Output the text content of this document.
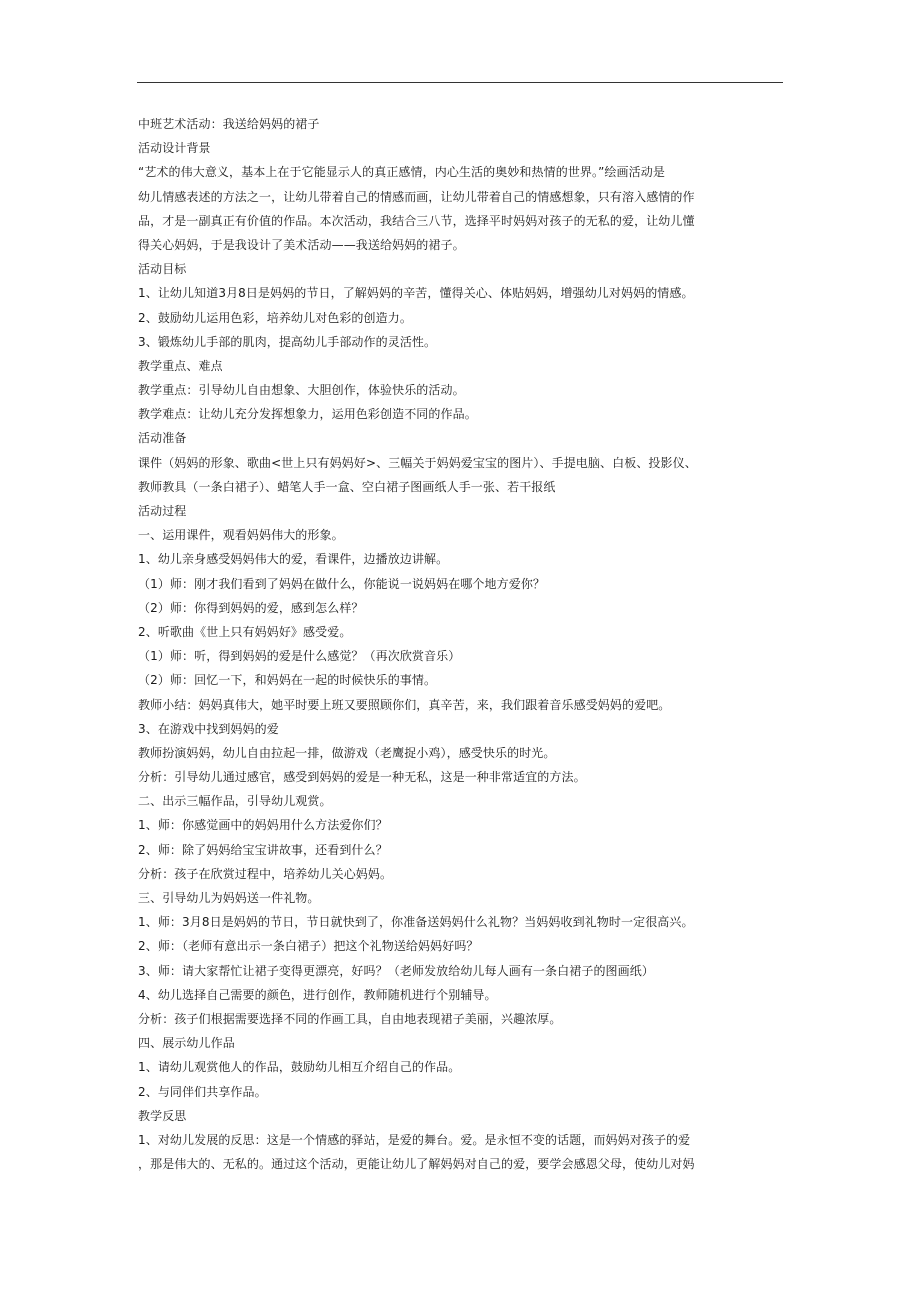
中班艺术活动：我送给妈妈的裙子
活动设计背景
“艺术的伟大意义，基本上在于它能显示人的真正感情，内心生活的奥妙和热情的世界。”绘画活动是
幼儿情感表述的方法之一，让幼儿带着自己的情感而画，让幼儿带着自己的情感想象，只有溶入感情的作
品，才是一副真正有价值的作品。本次活动，我结合三八节，选择平时妈妈对孩子的无私的爱，让幼儿懂
得关心妈妈，于是我设计了美术活动——我送给妈妈的裙子。
活动目标
1、让幼儿知道3月8日是妈妈的节日，了解妈妈的辛苦，懂得关心、体贴妈妈，增强幼儿对妈妈的情感。
2、鼓励幼儿运用色彩，培养幼儿对色彩的创造力。
3、锻炼幼儿手部的肌肉，提高幼儿手部动作的灵活性。
教学重点、难点
教学重点：引导幼儿自由想象、大胆创作，体验快乐的活动。
教学难点：让幼儿充分发挥想象力，运用色彩创造不同的作品。
活动准备
课件（妈妈的形象、歌曲<世上只有妈妈好>、三幅关于妈妈爱宝宝的图片）、手提电脑、白板、投影仪、
教师教具（一条白裙子）、蜡笔人手一盒、空白裙子图画纸人手一张、若干报纸
活动过程
一、运用课件，观看妈妈伟大的形象。
1、幼儿亲身感受妈妈伟大的爱，看课件，边播放边讲解。
（1）师：刚才我们看到了妈妈在做什么，你能说一说妈妈在哪个地方爱你？
（2）师：你得到妈妈的爱，感到怎么样？
2、听歌曲《世上只有妈妈好》感受爱。
（1）师：听，得到妈妈的爱是什么感觉？（再次欣赏音乐）
（2）师：回忆一下，和妈妈在一起的时候快乐的事情。
教师小结：妈妈真伟大，她平时要上班又要照顾你们，真辛苦，来，我们跟着音乐感受妈妈的爱吧。
3、在游戏中找到妈妈的爱
教师扮演妈妈，幼儿自由拉起一排，做游戏（老鹰捉小鸡），感受快乐的时光。
分析：引导幼儿通过感官，感受到妈妈的爱是一种无私，这是一种非常适宜的方法。
二、出示三幅作品，引导幼儿观赏。
1、师：你感觉画中的妈妈用什么方法爱你们？
2、师：除了妈妈给宝宝讲故事，还看到什么？
分析：孩子在欣赏过程中，培养幼儿关心妈妈。
三、引导幼儿为妈妈送一件礼物。
1、师：3月8日是妈妈的节日，节日就快到了，你准备送妈妈什么礼物？当妈妈收到礼物时一定很高兴。
2、师：（老师有意出示一条白裙子）把这个礼物送给妈妈好吗？
3、师：请大家帮忙让裙子变得更漂亮，好吗？（老师发放给幼儿每人画有一条白裙子的图画纸）
4、幼儿选择自己需要的颜色，进行创作，教师随机进行个别辅导。
分析：孩子们根据需要选择不同的作画工具，自由地表现裙子美丽，兴趣浓厚。
四、展示幼儿作品
1、请幼儿观赏他人的作品，鼓励幼儿相互介绍自己的作品。
2、与同伴们共享作品。
教学反思
1、对幼儿发展的反思：这是一个情感的驿站，是爱的舞台。爱。是永恒不变的话题，而妈妈对孩子的爱
，那是伟大的、无私的。通过这个活动，更能让幼儿了解妈妈对自己的爱，要学会感恩父母，使幼儿对妈
